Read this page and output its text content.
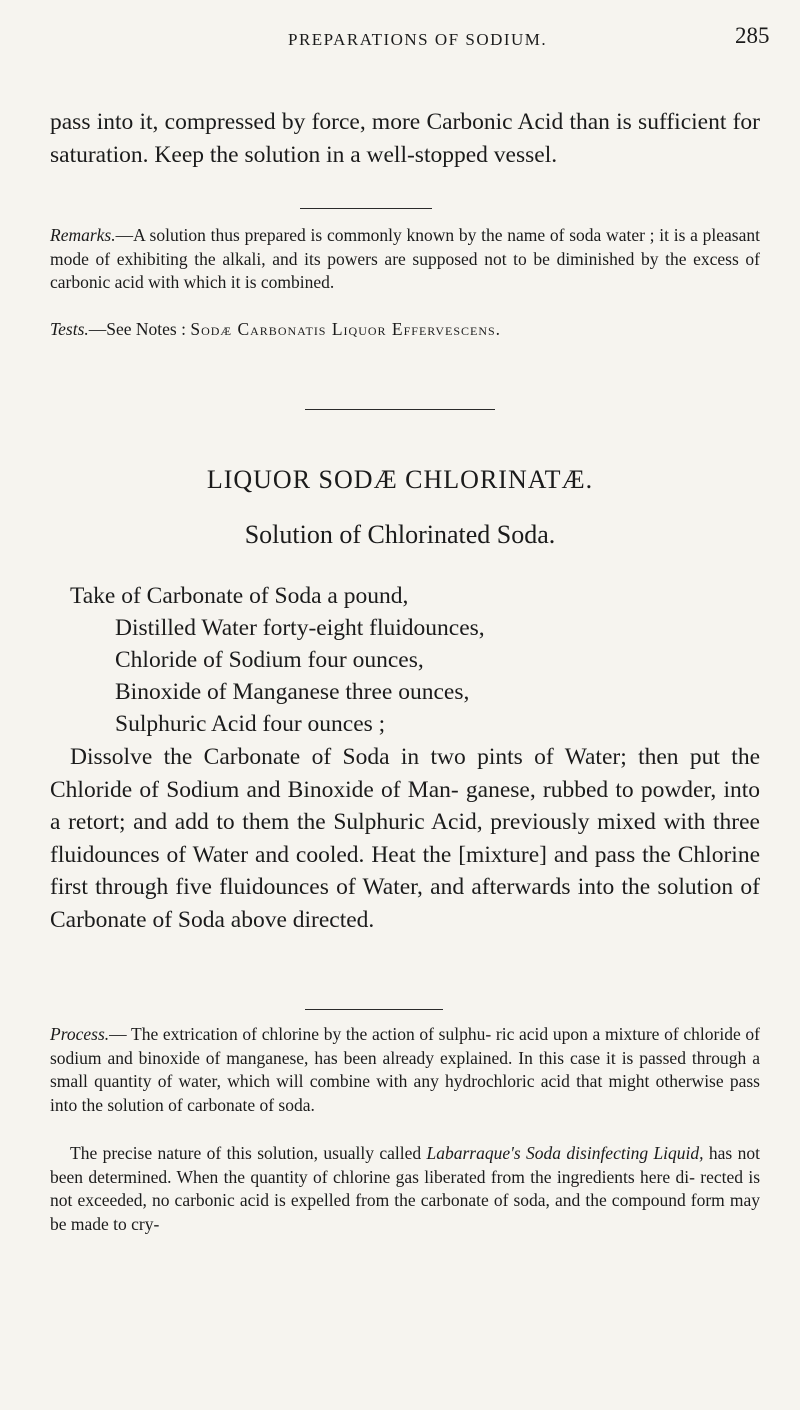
PREPARATIONS OF SODIUM.	285

pass into it, compressed by force, more Carbonic Acid than is sufficient for saturation. Keep the solution in a well-stopped vessel.

Remarks.—A solution thus prepared is commonly known by the name of soda water ; it is a pleasant mode of exhibiting the alkali, and its powers are supposed not to be diminished by the excess of carbonic acid with which it is combined.

Tests.—See Notes : Sodæ Carbonatis Liquor Effervescens.

LIQUOR SODÆ CHLORINATÆ.
Solution of Chlorinated Soda.
Take of Carbonate of Soda a pound,
Distilled Water forty-eight fluidounces,
Chloride of Sodium four ounces,
Binoxide of Manganese three ounces,
Sulphuric Acid four ounces ;

Dissolve the Carbonate of Soda in two pints of Water; then put the Chloride of Sodium and Binoxide of Man- ganese, rubbed to powder, into a retort; and add to them the Sulphuric Acid, previously mixed with three fluidounces of Water and cooled. Heat the [mixture] and pass the Chlorine first through five fluidounces of Water, and afterwards into the solution of Carbonate of Soda above directed.

Process.— The extrication of chlorine by the action of sulphu- ric acid upon a mixture of chloride of sodium and binoxide of manganese, has been already explained. In this case it is passed through a small quantity of water, which will combine with any hydrochloric acid that might otherwise pass into the solution of carbonate of soda.

The precise nature of this solution, usually called Labarraque's Soda disinfecting Liquid, has not been determined. When the quantity of chlorine gas liberated from the ingredients here di- rected is not exceeded, no carbonic acid is expelled from the carbonate of soda, and the compound form may be made to cry-
